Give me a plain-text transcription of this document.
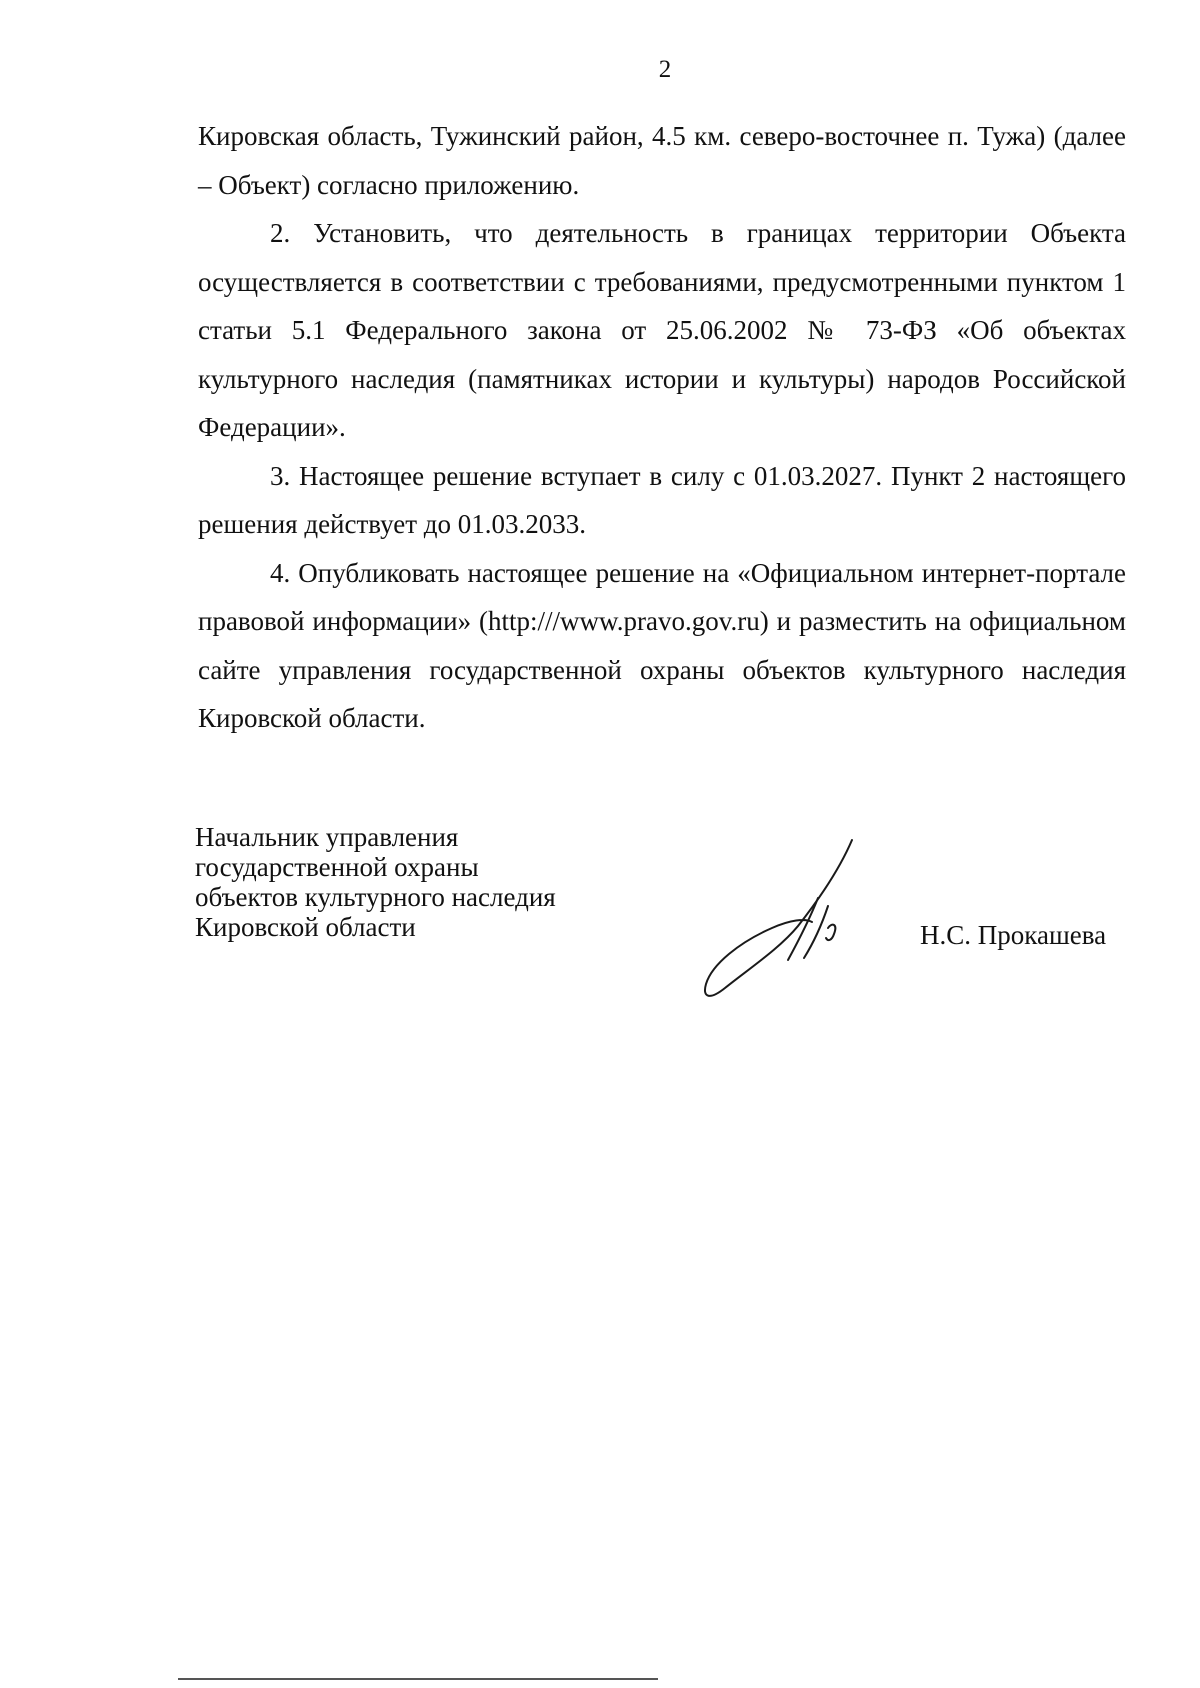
2

Кировская область, Тужинский район, 4.5 км. северо-восточнее п. Тужа) (далее – Объект) согласно приложению.

2. Установить, что деятельность в границах территории Объекта осуществляется в соответствии с требованиями, предусмотренными пунктом 1 статьи 5.1 Федерального закона от 25.06.2002 № 73-ФЗ «Об объектах культурного наследия (памятниках истории и культуры) народов Российской Федерации».

3. Настоящее решение вступает в силу с 01.03.2027. Пункт 2 настоящего решения действует до 01.03.2033.

4. Опубликовать настоящее решение на «Официальном интернет-портале правовой информации» (http:///www.pravo.gov.ru) и разместить на официальном сайте управления государственной охраны объектов культурного наследия Кировской области.

Начальник управления
государственной охраны
объектов культурного наследия
Кировской области	Н.С. Прокашева
